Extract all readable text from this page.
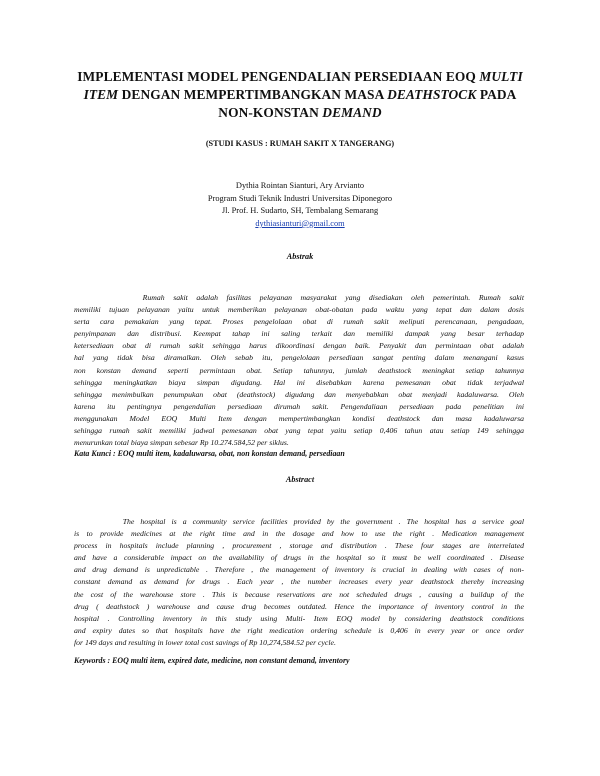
IMPLEMENTASI MODEL PENGENDALIAN PERSEDIAAN EOQ MULTI
ITEM DENGAN MEMPERTIMBANGKAN MASA DEATHSTOCK PADA
NON-KONSTAN DEMAND
(STUDI KASUS : RUMAH SAKIT X TANGERANG)
Dythia Rointan Sianturi, Ary Arvianto
Program Studi Teknik Industri Universitas Diponegoro
Jl. Prof. H. Sudarto, SH, Tembalang Semarang
dythiasianturi@gmail.com
Abstrak
Rumah sakit adalah fasilitas pelayanan masyarakat yang disediakan oleh pemerintah. Rumah sakit
memiliki tujuan pelayanan yaitu untuk memberikan pelayanan obat-obatan pada waktu yang tepat dan dalam dosis
serta cara pemakaian yang tepat. Proses pengelolaan obat di rumah sakit meliputi perencanaan, pengadaan,
penyimpanan dan distribusi. Keempat tahap ini saling terkait dan memiliki dampak yang besar terhadap
ketersediaan obat di rumah sakit sehingga harus dikoordinasi dengan baik. Penyakit dan permintaan obat adalah
hal yang tidak bisa diramalkan. Oleh sebab itu, pengelolaan persediaan sangat penting dalam menangani kasus
non konstan demand seperti permintaan obat. Setiap tahunnya, jumlah deathstock meningkat setiap tahunnya
sehingga meningkatkan biaya simpan digudang. Hal ini disebabkan karena pemesanan obat tidak terjadwal
sehingga menimbulkan penumpukan obat (deathstock) digudang dan menyebabkan obat menjadi kadaluwarsa. Oleh
karena itu pentingnya pengendalian persediaan dirumah sakit. Pengendaliaan persediaan pada penelitian ini
menggunakan Model EOQ Multi Item dengan mempertimbangkan kondisi deathstock dan masa kadaluwarsa
sehingga rumah sakit memiliki jadwal pemesanan obat yang tepat yaitu setiap 0,406 tahun atau setiap 149 sehingga
menurunkan total biaya simpan sebesar Rp 10.274.584,52 per siklus.
Kata Kunci : EOQ multi item, kadaluwarsa, obat, non konstan demand, persediaan
Abstract
The hospital is a community service facilities provided by the government . The hospital has a service goal
is to provide medicines at the right time and in the dosage and how to use the right . Medication management
process in hospitals include planning , procurement , storage and distribution . These four stages are interrelated
and have a considerable impact on the availability of drugs in the hospital so it must be well coordinated . Disease
and drug demand is unpredictable . Therefore , the management of inventory is crucial in dealing with cases of non-
constant demand as demand for drugs . Each year , the number increases every year deathstock thereby increasing
the cost of the warehouse store . This is because reservations are not scheduled drugs , causing a buildup of the
drug ( deathstock ) warehouse and cause drug becomes outdated. Hence the importance of inventory control in the
hospital . Controlling inventory in this study using Multi- Item EOQ model by considering deathstock conditions
and expiry dates so that hospitals have the right medication ordering schedule is 0,406 in every year or once order
for 149 days and resulting in lower total cost savings of Rp 10,274,584.52 per cycle.
Keywords : EOQ multi item, expired date, medicine, non constant demand, inventory
